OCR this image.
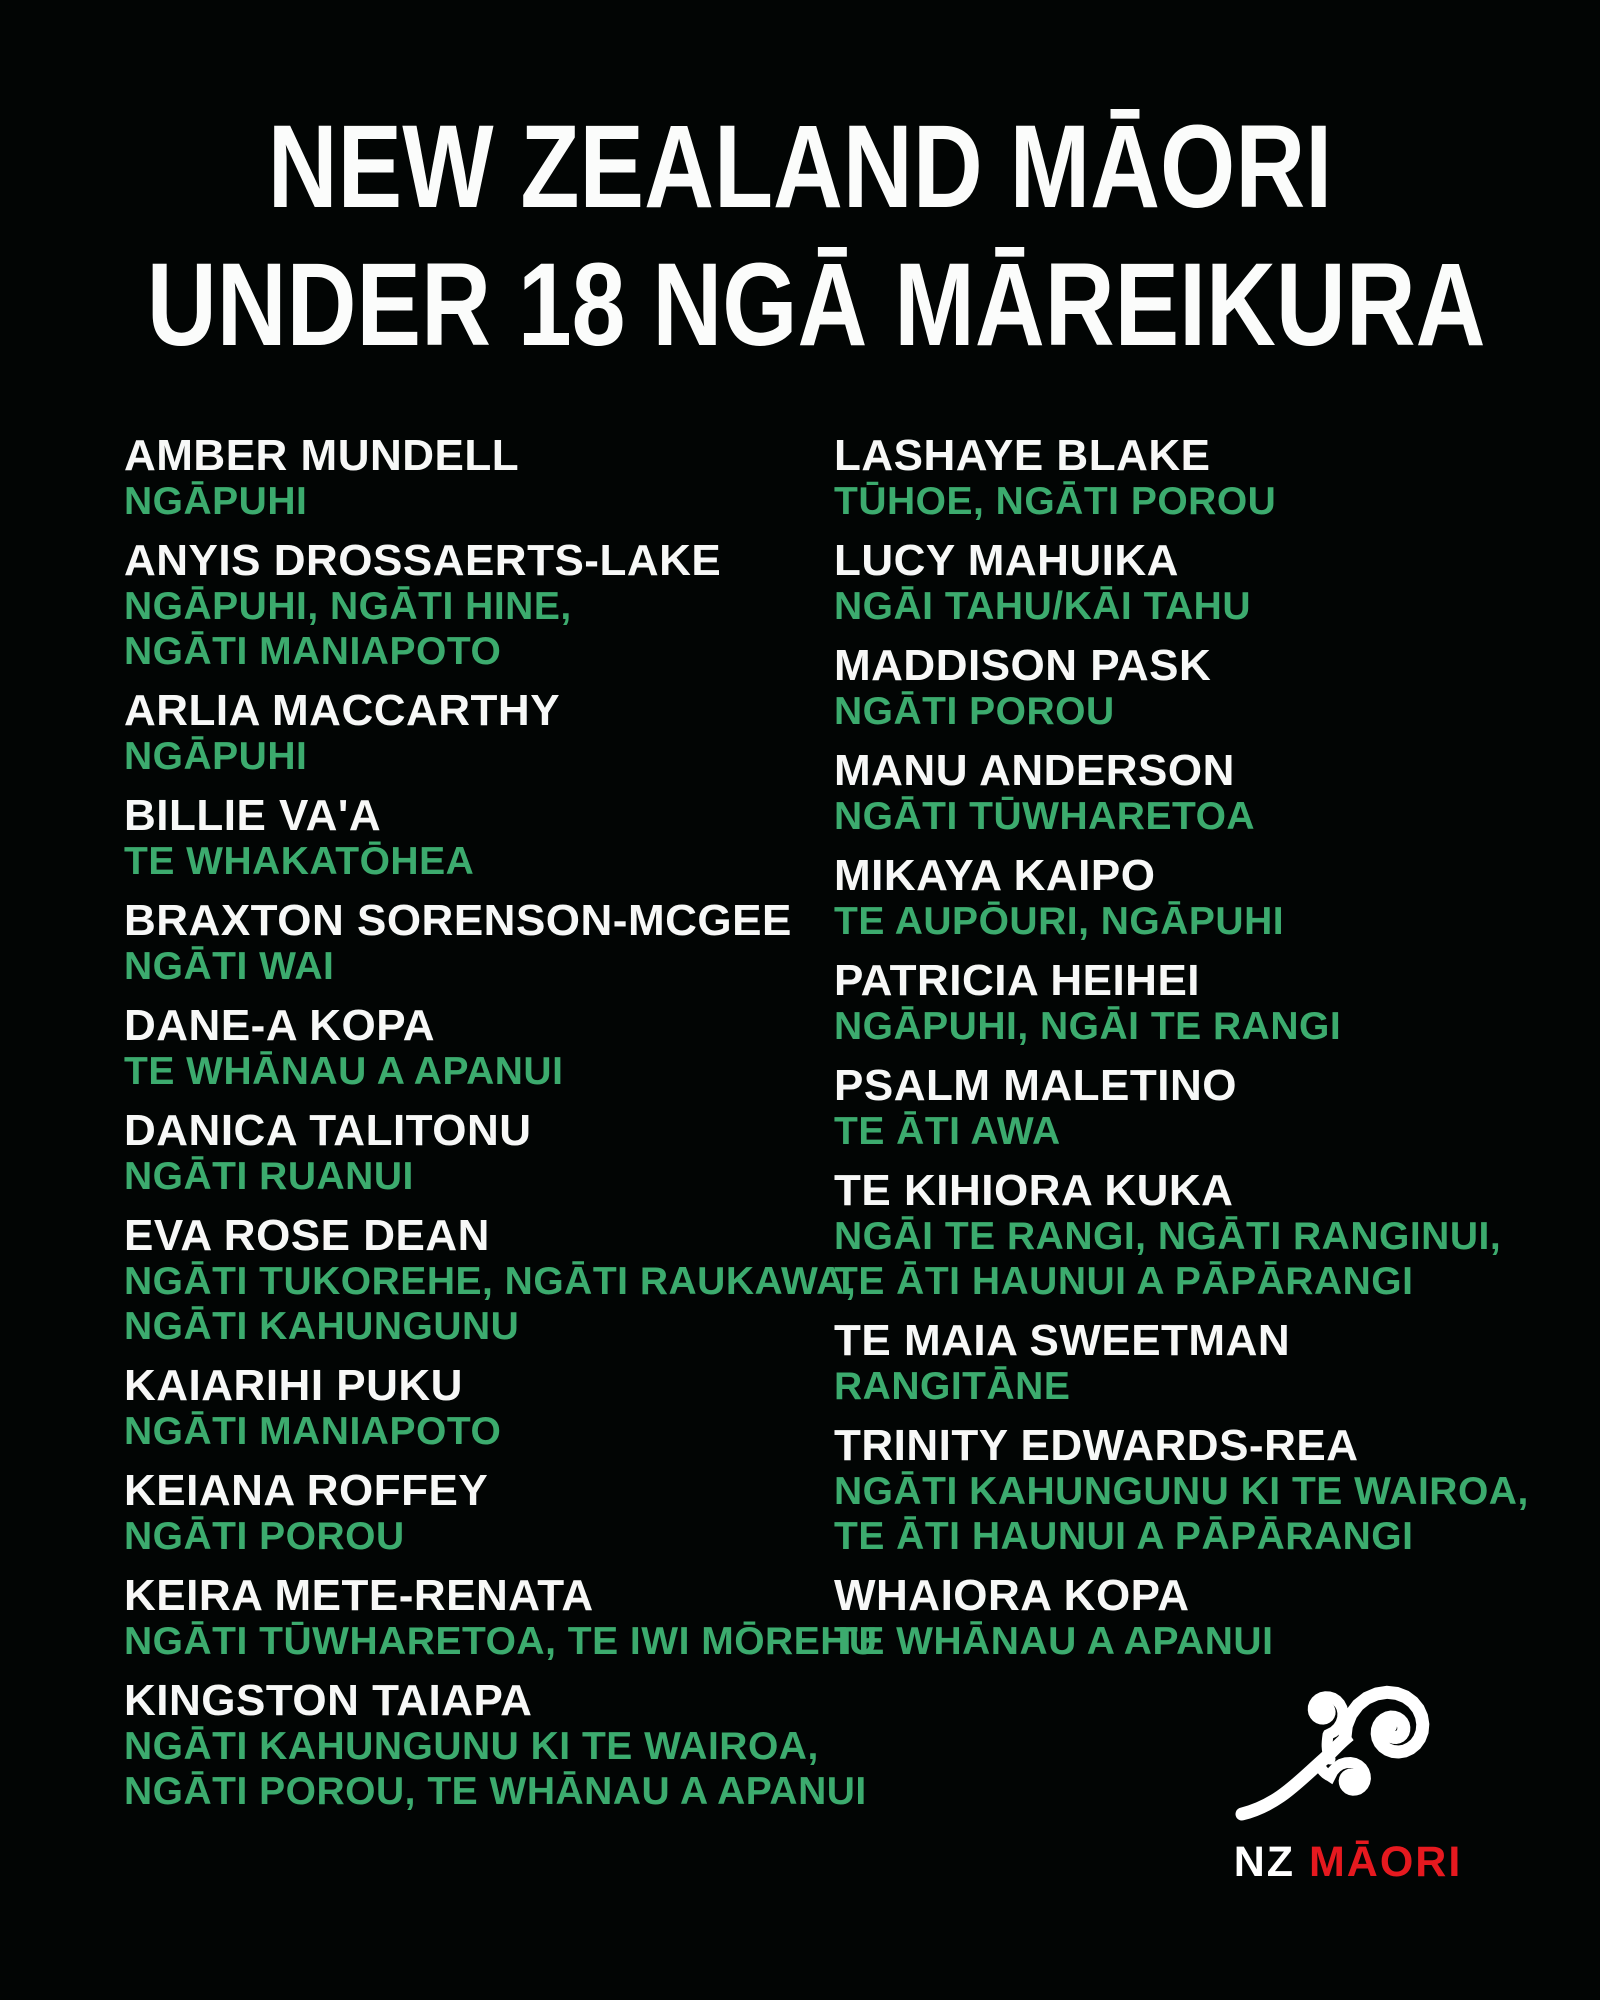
NEW ZEALAND MĀORI
UNDER 18 NGĀ MĀREIKURA
AMBER MUNDELL
NGĀPUHI
ANYIS DROSSAERTS-LAKE
NGĀPUHI, NGĀTI HINE,
NGĀTI MANIAPOTO
ARLIA MACCARTHY
NGĀPUHI
BILLIE VA'A
TE WHAKATŌHEA
BRAXTON SORENSON-MCGEE
NGĀTI WAI
DANE-A KOPA
TE WHĀNAU A APANUI
DANICA TALITONU
NGĀTI RUANUI
EVA ROSE DEAN
NGĀTI TUKOREHE, NGĀTI RAUKAWA,
NGĀTI KAHUNGUNU
KAIARIHI PUKU
NGĀTI MANIAPOTO
KEIANA ROFFEY
NGĀTI POROU
KEIRA METE-RENATA
NGĀTI TŪWHARETOA, TE IWI MŌREHU
KINGSTON TAIAPA
NGĀTI KAHUNGUNU KI TE WAIROA,
NGĀTI POROU, TE WHĀNAU A APANUI
LASHAYE BLAKE
TŪHOE, NGĀTI POROU
LUCY MAHUIKA
NGĀI TAHU/KĀI TAHU
MADDISON PASK
NGĀTI POROU
MANU ANDERSON
NGĀTI TŪWHARETOA
MIKAYA KAIPO
TE AUPŌURI, NGĀPUHI
PATRICIA HEIHEI
NGĀPUHI, NGĀI TE RANGI
PSALM MALETINO
TE ĀTI AWA
TE KIHIORA KUKA
NGĀI TE RANGI, NGĀTI RANGINUI,
TE ĀTI HAUNUI A PĀPĀRANGI
TE MAIA SWEETMAN
RANGITĀNE
TRINITY EDWARDS-REA
NGĀTI KAHUNGUNU KI TE WAIROA,
TE ĀTI HAUNUI A PĀPĀRANGI
WHAIORA KOPA
TE WHĀNAU A APANUI
NZ MĀORI
